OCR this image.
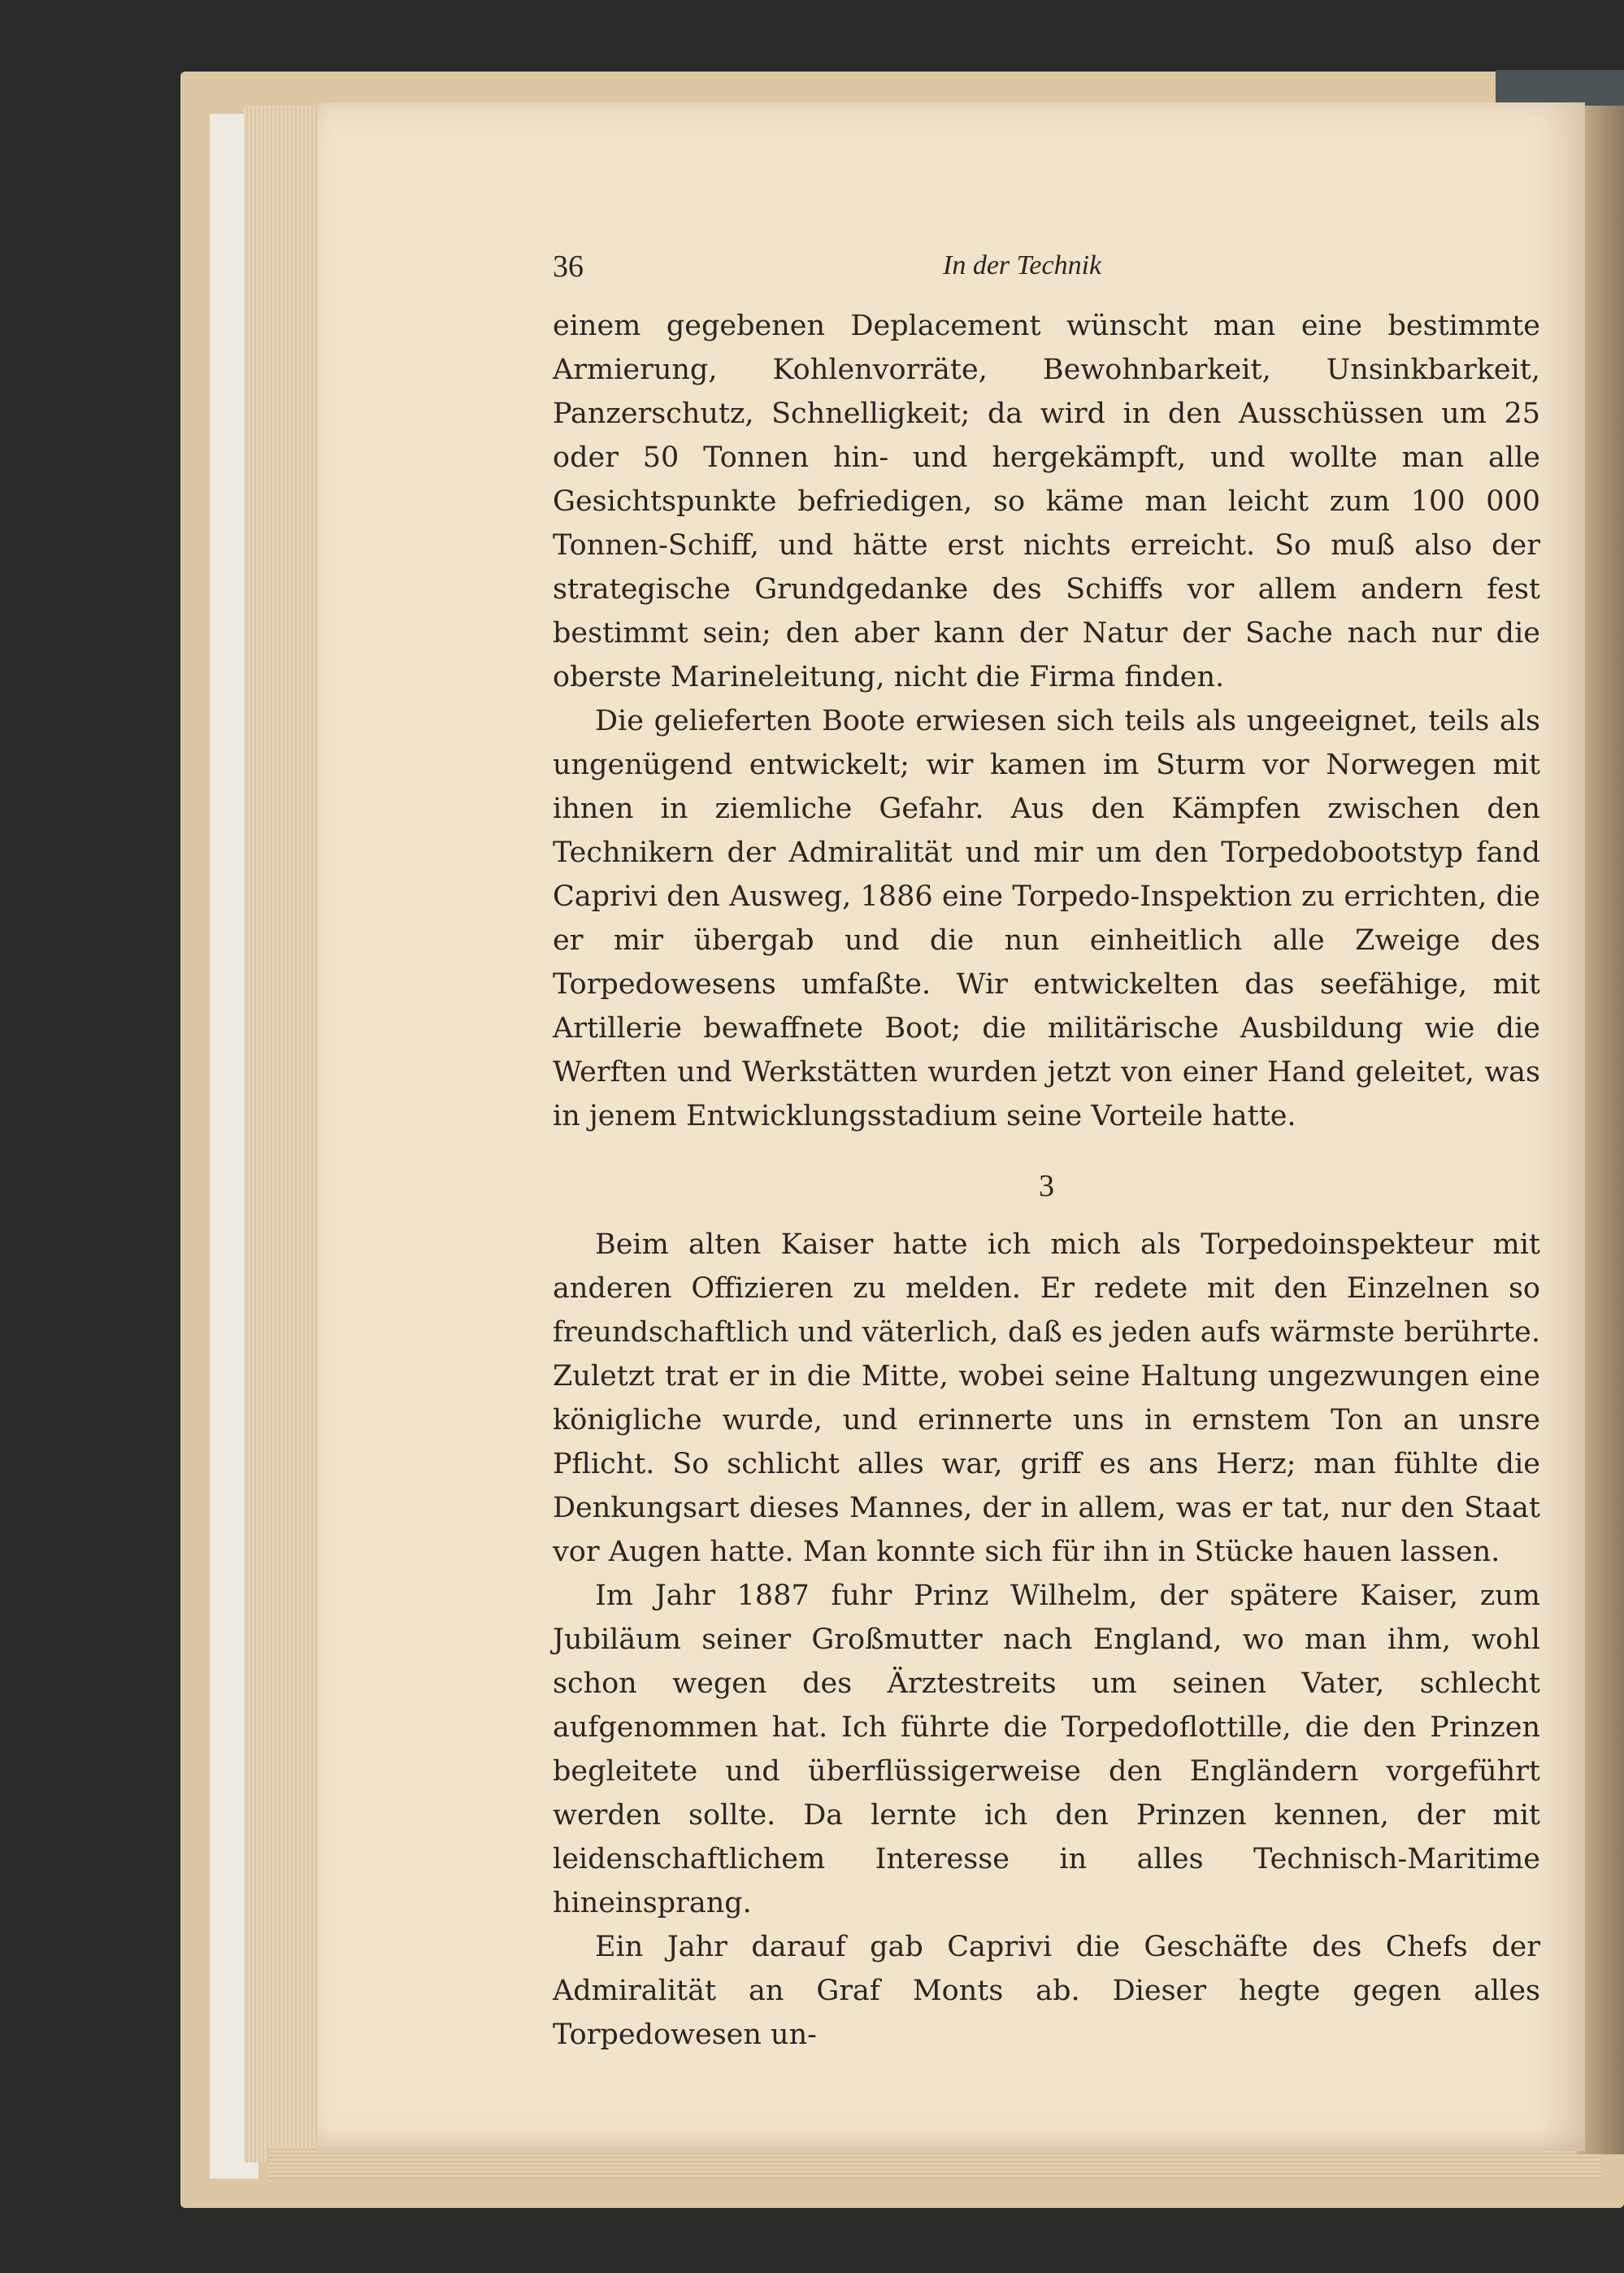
36	In der Technik

einem gegebenen Deplacement wünscht man eine bestimmte Armierung, Kohlenvorräte, Bewohnbarkeit, Unsinkbarkeit, Panzerschutz, Schnelligkeit; da wird in den Ausschüssen um 25 oder 50 Tonnen hin- und hergekämpft, und wollte man alle Gesichtspunkte befriedigen, so käme man leicht zum 100 000 Tonnen-Schiff, und hätte erst nichts erreicht. So muß also der strategische Grundgedanke des Schiffs vor allem andern fest bestimmt sein; den aber kann der Natur der Sache nach nur die oberste Marineleitung, nicht die Firma finden.

Die gelieferten Boote erwiesen sich teils als ungeeignet, teils als ungenügend entwickelt; wir kamen im Sturm vor Norwegen mit ihnen in ziemliche Gefahr. Aus den Kämpfen zwischen den Technikern der Admiralität und mir um den Torpedobootstyp fand Caprivi den Ausweg, 1886 eine Torpedo-Inspektion zu errichten, die er mir übergab und die nun einheitlich alle Zweige des Torpedowesens umfaßte. Wir entwickelten das seefähige, mit Artillerie bewaffnete Boot; die militärische Ausbildung wie die Werften und Werkstätten wurden jetzt von einer Hand geleitet, was in jenem Entwicklungsstadium seine Vorteile hatte.

3

Beim alten Kaiser hatte ich mich als Torpedoinspekteur mit anderen Offizieren zu melden. Er redete mit den Einzelnen so freundschaftlich und väterlich, daß es jeden aufs wärmste berührte. Zuletzt trat er in die Mitte, wobei seine Haltung ungezwungen eine königliche wurde, und erinnerte uns in ernstem Ton an unsre Pflicht. So schlicht alles war, griff es ans Herz; man fühlte die Denkungsart dieses Mannes, der in allem, was er tat, nur den Staat vor Augen hatte. Man konnte sich für ihn in Stücke hauen lassen.

Im Jahr 1887 fuhr Prinz Wilhelm, der spätere Kaiser, zum Jubiläum seiner Großmutter nach England, wo man ihm, wohl schon wegen des Ärztestreits um seinen Vater, schlecht aufgenommen hat. Ich führte die Torpedoflottille, die den Prinzen begleitete und überflüssigerweise den Engländern vorgeführt werden sollte. Da lernte ich den Prinzen kennen, der mit leidenschaftlichem Interesse in alles Technisch-Maritime hineinsprang.

Ein Jahr darauf gab Caprivi die Geschäfte des Chefs der Admiralität an Graf Monts ab. Dieser hegte gegen alles Torpedowesen un-
